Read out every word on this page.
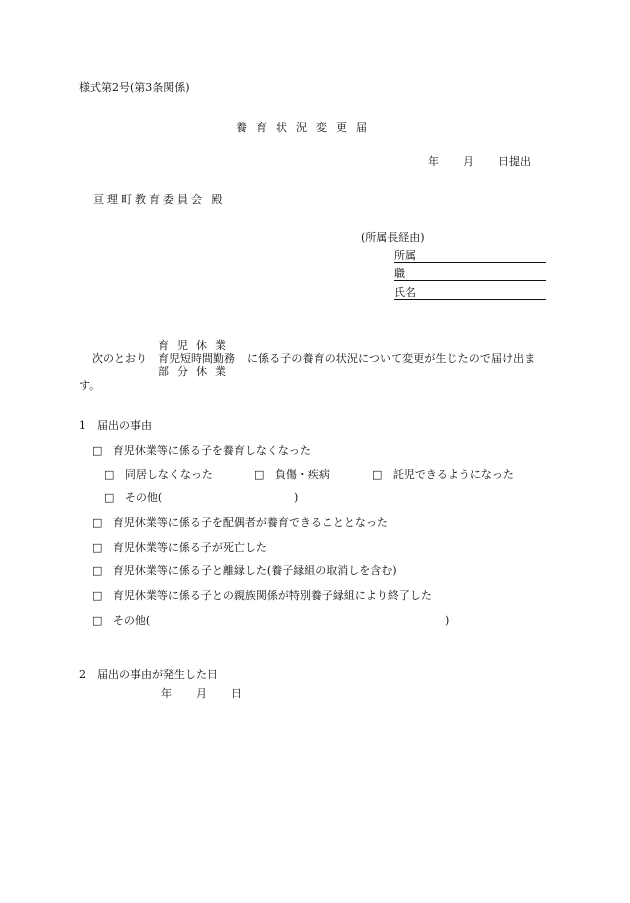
様式第2号(第3条関係)
養育状況変更届
年 月 日提出
亘理町教育委員会 殿
(所属長経由)
所属
職
氏名
育児休業
育児短時間勤務
部分休業
次のとおり	に係る子の養育の状況について変更が生じたので届け出ま
す。
1　届出の事由
□ 育児休業等に係る子を養育しなくなった
□ 同居しなくなった	□ 負傷・疾病	□ 託児できるようになった
□ その他(	)
□ 育児休業等に係る子を配偶者が養育できることとなった
□ 育児休業等に係る子が死亡した
□ 育児休業等に係る子と離縁した(養子縁組の取消しを含む)
□ 育児休業等に係る子との親族関係が特別養子縁組により終了した
□ その他(	)
2　届出の事由が発生した日
年 月 日
